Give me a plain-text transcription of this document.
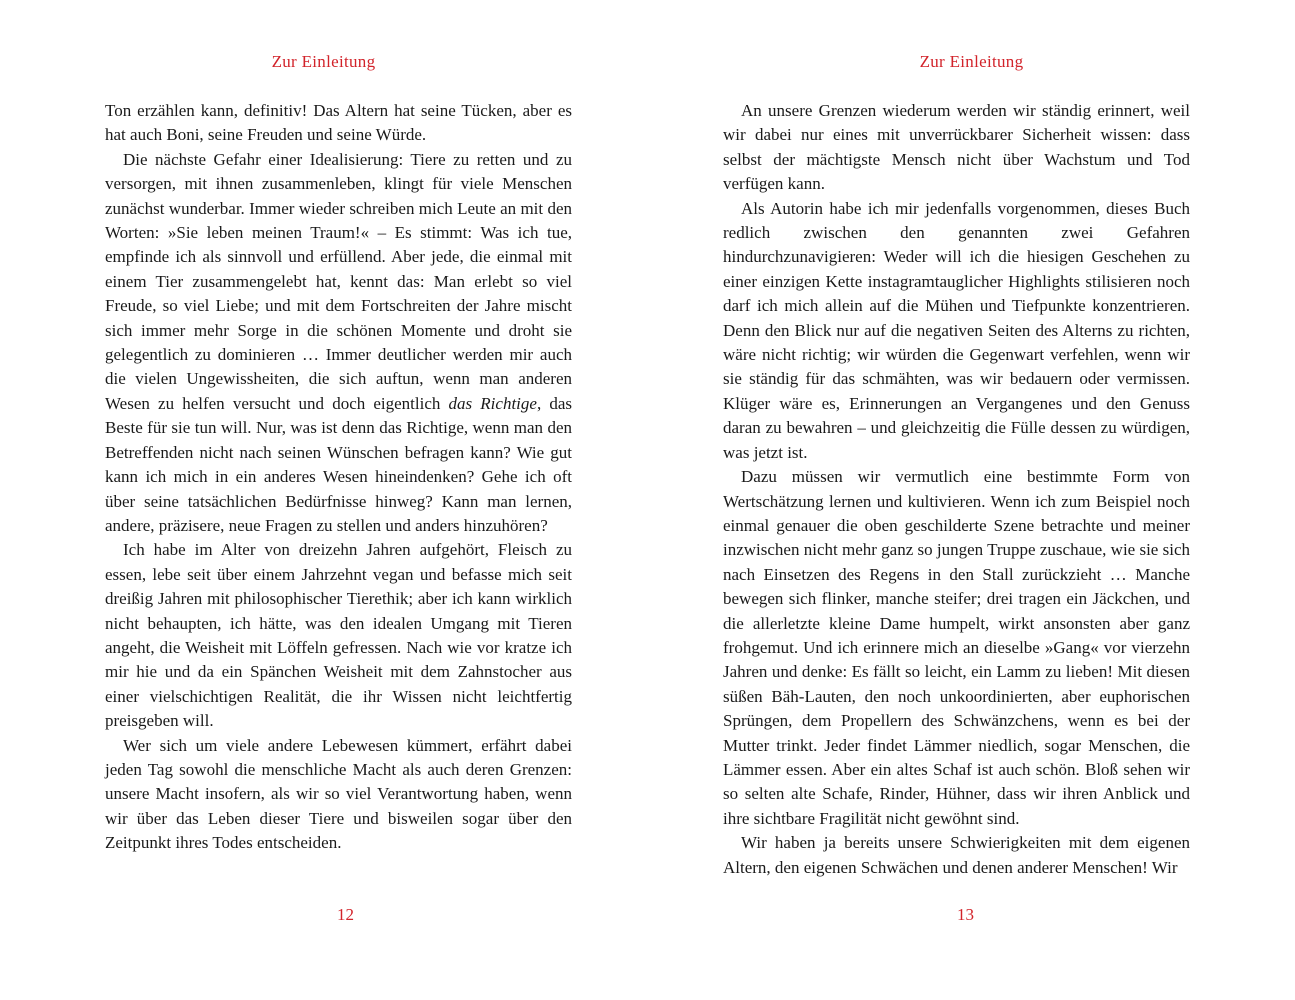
Zur Einleitung

Ton erzählen kann, definitiv! Das Altern hat seine Tücken, aber es hat auch Boni, seine Freuden und seine Würde.

Die nächste Gefahr einer Idealisierung: Tiere zu retten und zu versorgen, mit ihnen zusammenleben, klingt für viele Menschen zunächst wunderbar. Immer wieder schreiben mich Leute an mit den Worten: »Sie leben meinen Traum!« – Es stimmt: Was ich tue, empfinde ich als sinnvoll und erfüllend. Aber jede, die einmal mit einem Tier zusammengelebt hat, kennt das: Man erlebt so viel Freude, so viel Liebe; und mit dem Fortschreiten der Jahre mischt sich immer mehr Sorge in die schönen Momente und droht sie gelegentlich zu dominieren … Immer deutlicher werden mir auch die vielen Ungewissheiten, die sich auftun, wenn man anderen Wesen zu helfen versucht und doch eigentlich das Richtige, das Beste für sie tun will. Nur, was ist denn das Richtige, wenn man den Betreffenden nicht nach seinen Wünschen befragen kann? Wie gut kann ich mich in ein anderes Wesen hineindenken? Gehe ich oft über seine tatsächlichen Bedürfnisse hinweg? Kann man lernen, andere, präzisere, neue Fragen zu stellen und anders hinzuhören?

Ich habe im Alter von dreizehn Jahren aufgehört, Fleisch zu essen, lebe seit über einem Jahrzehnt vegan und befasse mich seit dreißig Jahren mit philosophischer Tierethik; aber ich kann wirklich nicht behaupten, ich hätte, was den idealen Umgang mit Tieren angeht, die Weisheit mit Löffeln gefressen. Nach wie vor kratze ich mir hie und da ein Spänchen Weisheit mit dem Zahnstocher aus einer vielschichtigen Realität, die ihr Wissen nicht leichtfertig preisgeben will.

Wer sich um viele andere Lebewesen kümmert, erfährt dabei jeden Tag sowohl die menschliche Macht als auch deren Grenzen: unsere Macht insofern, als wir so viel Verantwortung haben, wenn wir über das Leben dieser Tiere und bisweilen sogar über den Zeitpunkt ihres Todes entscheiden.

12
Zur Einleitung

An unsere Grenzen wiederum werden wir ständig erinnert, weil wir dabei nur eines mit unverrückbarer Sicherheit wissen: dass selbst der mächtigste Mensch nicht über Wachstum und Tod verfügen kann.

Als Autorin habe ich mir jedenfalls vorgenommen, dieses Buch redlich zwischen den genannten zwei Gefahren hindurchzunavigieren: Weder will ich die hiesigen Geschehen zu einer einzigen Kette instagramtauglicher Highlights stilisieren noch darf ich mich allein auf die Mühen und Tiefpunkte konzentrieren. Denn den Blick nur auf die negativen Seiten des Alterns zu richten, wäre nicht richtig; wir würden die Gegenwart verfehlen, wenn wir sie ständig für das schmähten, was wir bedauern oder vermissen. Klüger wäre es, Erinnerungen an Vergangenes und den Genuss daran zu bewahren – und gleichzeitig die Fülle dessen zu würdigen, was jetzt ist.

Dazu müssen wir vermutlich eine bestimmte Form von Wertschätzung lernen und kultivieren. Wenn ich zum Beispiel noch einmal genauer die oben geschilderte Szene betrachte und meiner inzwischen nicht mehr ganz so jungen Truppe zuschaue, wie sie sich nach Einsetzen des Regens in den Stall zurückzieht … Manche bewegen sich flinker, manche steifer; drei tragen ein Jäckchen, und die allerletzte kleine Dame humpelt, wirkt ansonsten aber ganz frohgemut. Und ich erinnere mich an dieselbe »Gang« vor vierzehn Jahren und denke: Es fällt so leicht, ein Lamm zu lieben! Mit diesen süßen Bäh-Lauten, den noch unkoordinierten, aber euphorischen Sprüngen, dem Propellern des Schwänzchens, wenn es bei der Mutter trinkt. Jeder findet Lämmer niedlich, sogar Menschen, die Lämmer essen. Aber ein altes Schaf ist auch schön. Bloß sehen wir so selten alte Schafe, Rinder, Hühner, dass wir ihren Anblick und ihre sichtbare Fragilität nicht gewöhnt sind.

Wir haben ja bereits unsere Schwierigkeiten mit dem eigenen Altern, den eigenen Schwächen und denen anderer Menschen! Wir

13
